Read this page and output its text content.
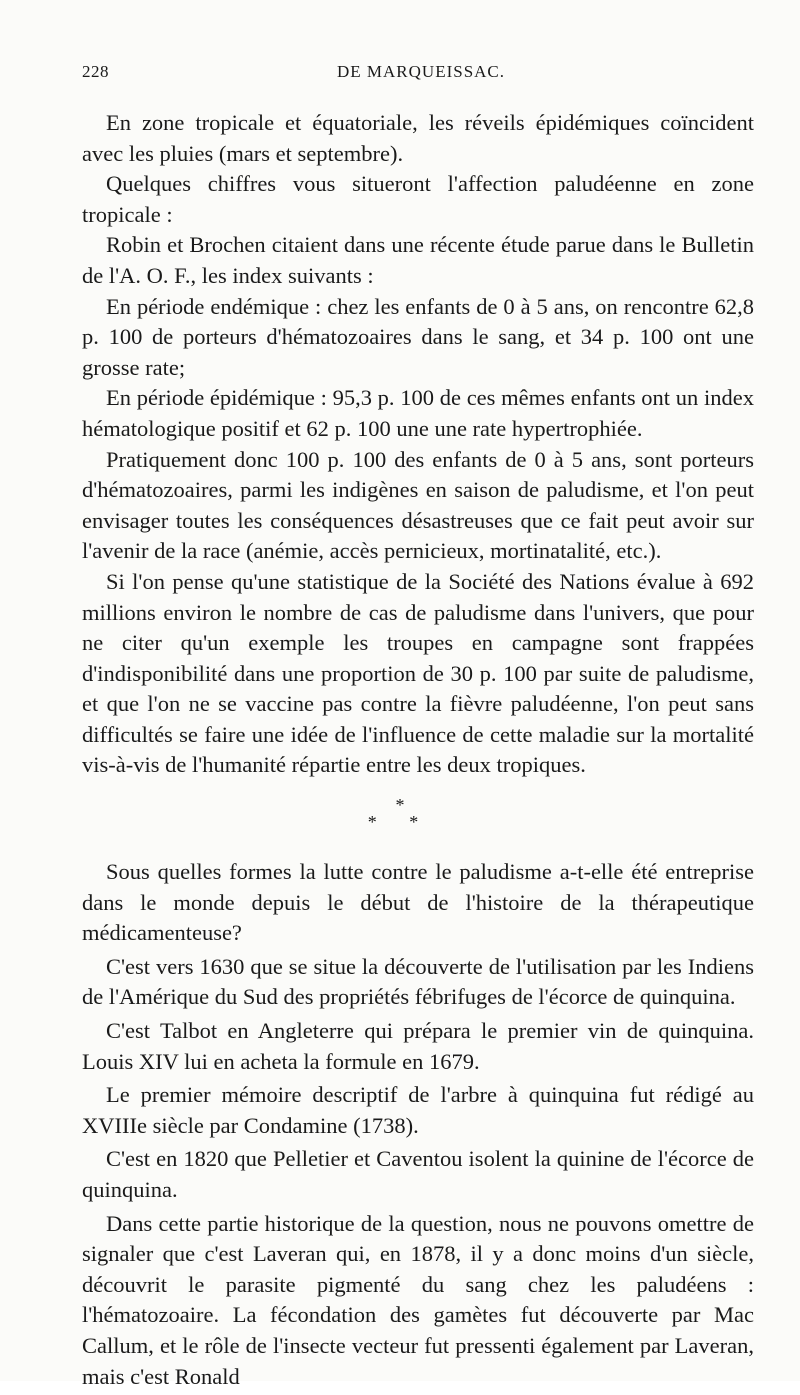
228	DE MARQUEISSAC.

En zone tropicale et équatoriale, les réveils épidémiques coïncident avec les pluies (mars et septembre).

Quelques chiffres vous situeront l'affection paludéenne en zone tropicale :

Robin et Brochen citaient dans une récente étude parue dans le Bulletin de l'A. O. F., les index suivants :

En période endémique : chez les enfants de 0 à 5 ans, on rencontre 62,8 p. 100 de porteurs d'hématozoaires dans le sang, et 34 p. 100 ont une grosse rate;

En période épidémique : 95,3 p. 100 de ces mêmes enfants ont un index hématologique positif et 62 p. 100 une une rate hypertrophiée.

Pratiquement donc 100 p. 100 des enfants de 0 à 5 ans, sont porteurs d'hématozoaires, parmi les indigènes en saison de paludisme, et l'on peut envisager toutes les conséquences désastreuses que ce fait peut avoir sur l'avenir de la race (anémie, accès pernicieux, mortinatalité, etc.).

Si l'on pense qu'une statistique de la Société des Nations évalue à 692 millions environ le nombre de cas de paludisme dans l'univers, que pour ne citer qu'un exemple les troupes en campagne sont frappées d'indisponibilité dans une proportion de 30 p. 100 par suite de paludisme, et que l'on ne se vaccine pas contre la fièvre paludéenne, l'on peut sans difficultés se faire une idée de l'influence de cette maladie sur la mortalité vis-à-vis de l'humanité répartie entre les deux tropiques.

*
* *

Sous quelles formes la lutte contre le paludisme a-t-elle été entreprise dans le monde depuis le début de l'histoire de la thérapeutique médicamenteuse?

C'est vers 1630 que se situe la découverte de l'utilisation par les Indiens de l'Amérique du Sud des propriétés fébrifuges de l'écorce de quinquina.

C'est Talbot en Angleterre qui prépara le premier vin de quinquina. Louis XIV lui en acheta la formule en 1679.

Le premier mémoire descriptif de l'arbre à quinquina fut rédigé au XVIIIe siècle par Condamine (1738).

C'est en 1820 que Pelletier et Caventou isolent la quinine de l'écorce de quinquina.

Dans cette partie historique de la question, nous ne pouvons omettre de signaler que c'est Laveran qui, en 1878, il y a donc moins d'un siècle, découvrit le parasite pigmenté du sang chez les paludéens : l'hématozoaire. La fécondation des gamètes fut découverte par Mac Callum, et le rôle de l'insecte vecteur fut pressenti également par Laveran, mais c'est Ronald
